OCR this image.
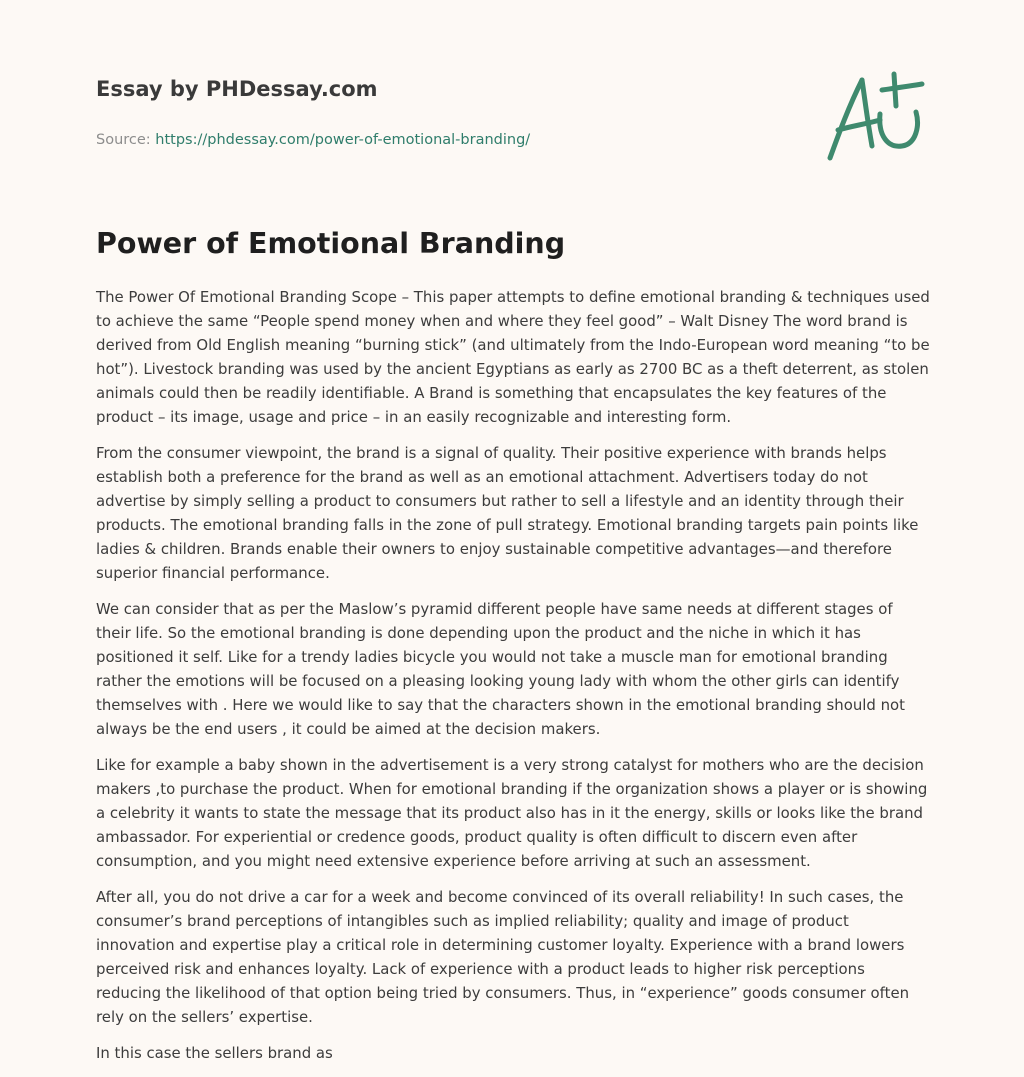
Essay by PHDessay.com
Source: https://phdessay.com/power-of-emotional-branding/
Power of Emotional Branding

The Power Of Emotional Branding Scope – This paper attempts to define emotional branding & techniques used to achieve the same “People spend money when and where they feel good” – Walt Disney The word brand is derived from Old English meaning “burning stick” (and ultimately from the Indo-European word meaning “to be hot”). Livestock branding was used by the ancient Egyptians as early as 2700 BC as a theft deterrent, as stolen animals could then be readily identifiable. A Brand is something that encapsulates the key features of the product – its image, usage and price – in an easily recognizable and interesting form.

From the consumer viewpoint, the brand is a signal of quality. Their positive experience with brands helps establish both a preference for the brand as well as an emotional attachment. Advertisers today do not advertise by simply selling a product to consumers but rather to sell a lifestyle and an identity through their products. The emotional branding falls in the zone of pull strategy. Emotional branding targets pain points like ladies & children. Brands enable their owners to enjoy sustainable competitive advantages—and therefore superior financial performance.

We can consider that as per the Maslow’s pyramid different people have same needs at different stages of their life. So the emotional branding is done depending upon the product and the niche in which it has positioned it self. Like for a trendy ladies bicycle you would not take a muscle man for emotional branding rather the emotions will be focused on a pleasing looking young lady with whom the other girls can identify themselves with . Here we would like to say that the characters shown in the emotional branding should not always be the end users , it could be aimed at the decision makers.

Like for example a baby shown in the advertisement is a very strong catalyst for mothers who are the decision makers ,to purchase the product. When for emotional branding if the organization shows a player or is showing a celebrity it wants to state the message that its product also has in it the energy, skills or looks like the brand ambassador. For experiential or credence goods, product quality is often difficult to discern even after consumption, and you might need extensive experience before arriving at such an assessment.

After all, you do not drive a car for a week and become convinced of its overall reliability! In such cases, the consumer’s brand perceptions of intangibles such as implied reliability; quality and image of product innovation and expertise play a critical role in determining customer loyalty. Experience with a brand lowers perceived risk and enhances loyalty. Lack of experience with a product leads to higher risk perceptions reducing the likelihood of that option being tried by consumers. Thus, in “experience” goods consumer often rely on the sellers’ expertise.

In this case the sellers brand as
